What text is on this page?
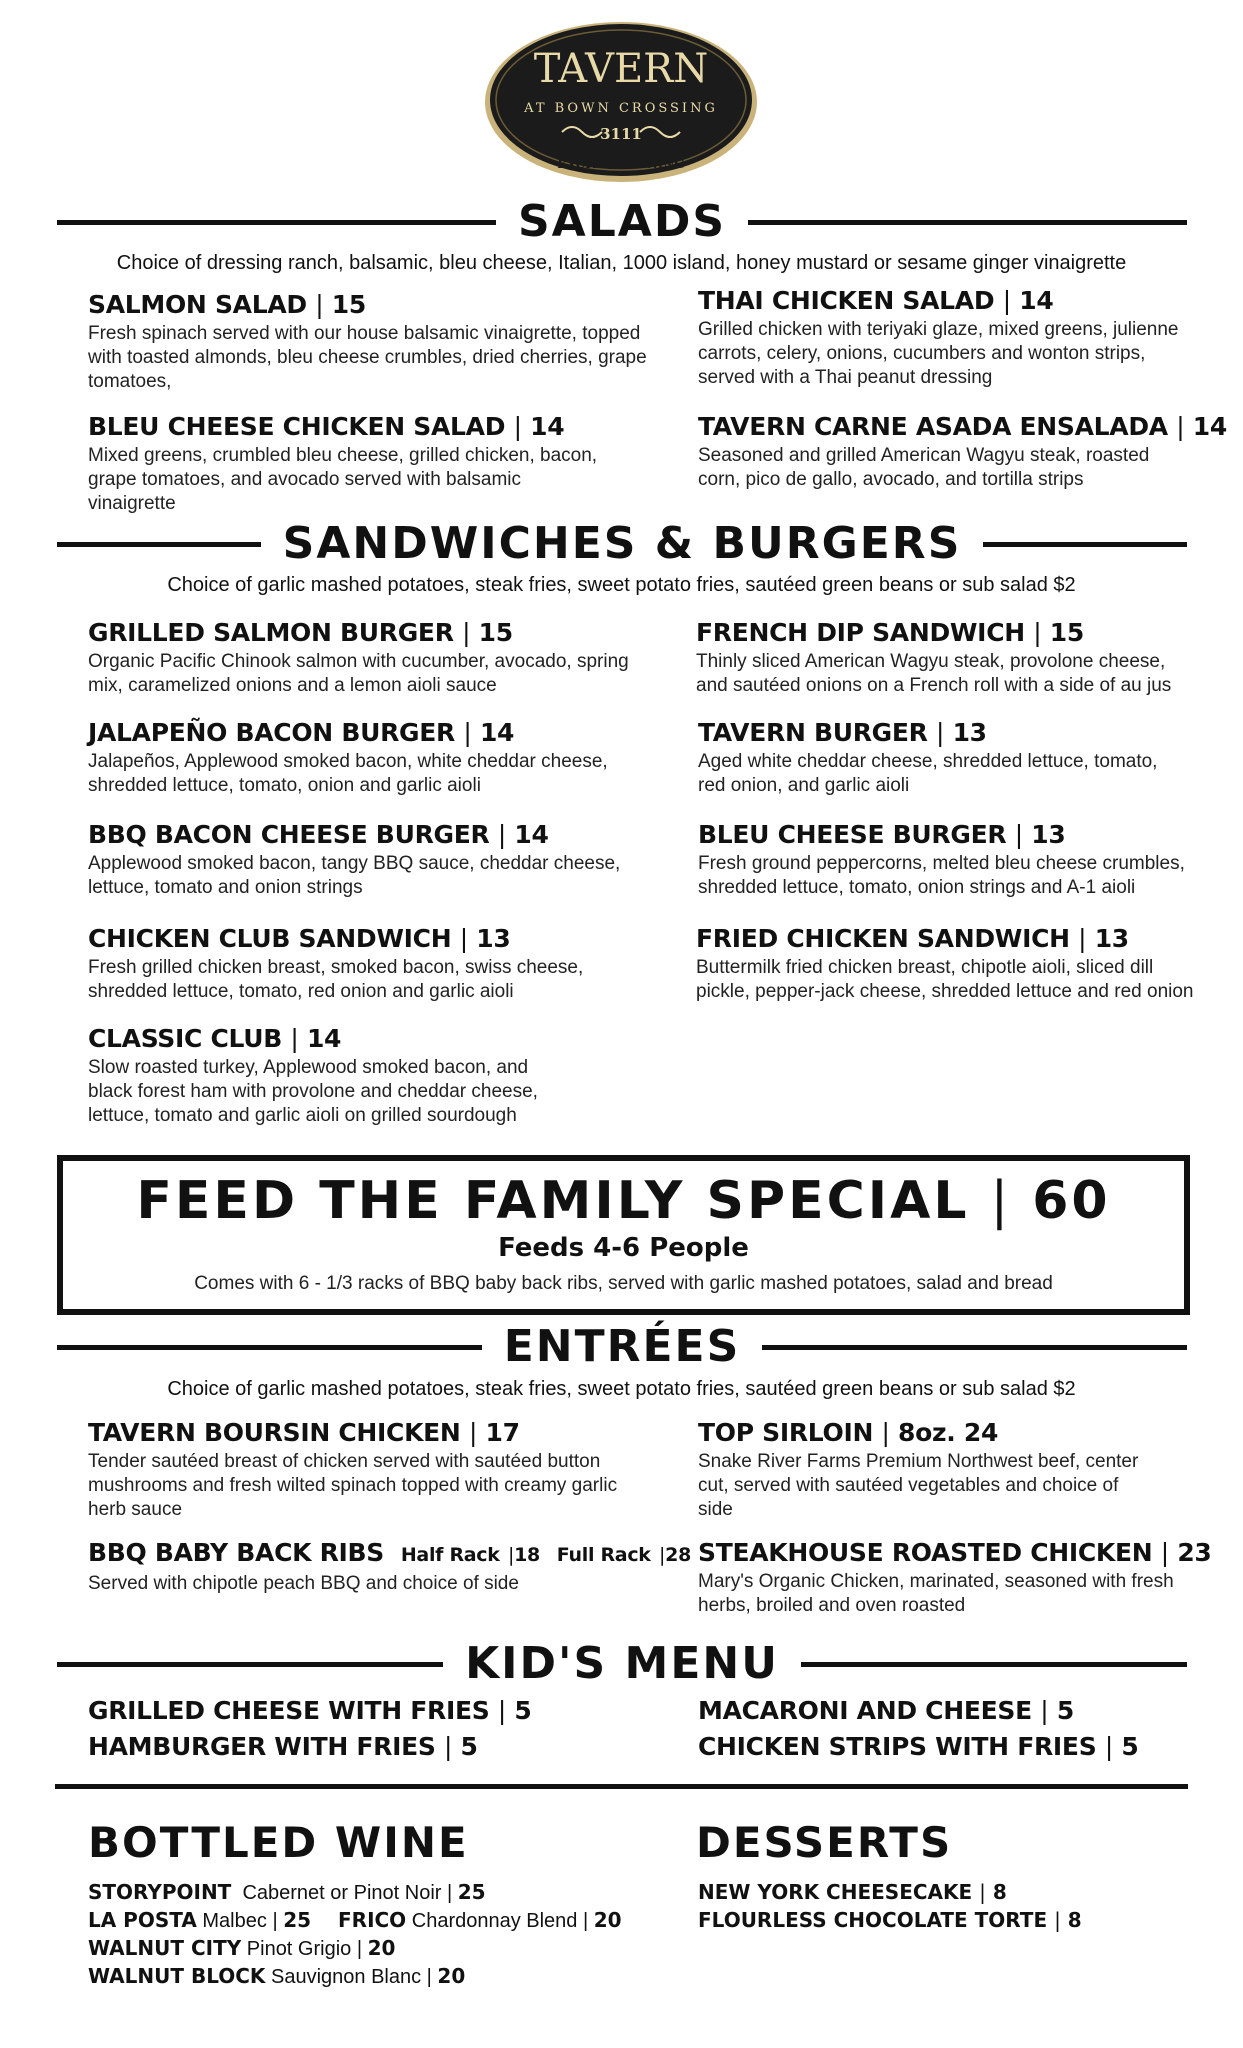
TAVERN
AT BOWN CROSSING
3111
EXCITING DINING
SALADS
Choice of dressing ranch, balsamic, bleu cheese, Italian, 1000 island, honey mustard or sesame ginger vinaigrette
SALMON SALAD | 15
Fresh spinach served with our house balsamic vinaigrette, topped with toasted almonds, bleu cheese crumbles, dried cherries, grape tomatoes,
THAI CHICKEN SALAD | 14
Grilled chicken with teriyaki glaze, mixed greens, julienne carrots, celery, onions, cucumbers and wonton strips, served with a Thai peanut dressing
BLEU CHEESE CHICKEN SALAD | 14
Mixed greens, crumbled bleu cheese, grilled chicken, bacon, grape tomatoes, and avocado served with balsamic vinaigrette
TAVERN CARNE ASADA ENSALADA | 14
Seasoned and grilled American Wagyu steak, roasted corn, pico de gallo, avocado, and tortilla strips
SANDWICHES & BURGERS
Choice of garlic mashed potatoes, steak fries, sweet potato fries, sautéed green beans or sub salad $2
GRILLED SALMON BURGER | 15
Organic Pacific Chinook salmon with cucumber, avocado, spring mix, caramelized onions and a lemon aioli sauce
FRENCH DIP SANDWICH | 15
Thinly sliced American Wagyu steak, provolone cheese, and sautéed onions on a French roll with a side of au jus
JALAPEÑO BACON BURGER | 14
Jalapeños, Applewood smoked bacon, white cheddar cheese, shredded lettuce, tomato, onion and garlic aioli
TAVERN BURGER | 13
Aged white cheddar cheese, shredded lettuce, tomato, red onion, and garlic aioli
BBQ BACON CHEESE BURGER | 14
Applewood smoked bacon, tangy BBQ sauce, cheddar cheese, lettuce, tomato and onion strings
BLEU CHEESE BURGER | 13
Fresh ground peppercorns, melted bleu cheese crumbles, shredded lettuce, tomato, onion strings and A-1 aioli
CHICKEN CLUB SANDWICH | 13
Fresh grilled chicken breast, smoked bacon, swiss cheese, shredded lettuce, tomato, red onion and garlic aioli
FRIED CHICKEN SANDWICH | 13
Buttermilk fried chicken breast, chipotle aioli, sliced dill pickle, pepper-jack cheese, shredded lettuce and red onion
CLASSIC CLUB | 14
Slow roasted turkey, Applewood smoked bacon, and black forest ham with provolone and cheddar cheese, lettuce, tomato and garlic aioli on grilled sourdough
FEED THE FAMILY SPECIAL | 60
Feeds 4-6 People
Comes with 6 - 1/3 racks of BBQ baby back ribs, served with garlic mashed potatoes, salad and bread
ENTRÉES
Choice of garlic mashed potatoes, steak fries, sweet potato fries, sautéed green beans or sub salad $2
TAVERN BOURSIN CHICKEN | 17
Tender sautéed breast of chicken served with sautéed button mushrooms and fresh wilted spinach topped with creamy garlic herb sauce
TOP SIRLOIN | 8oz. 24
Snake River Farms Premium Northwest beef, center cut, served with sautéed vegetables and choice of side
BBQ BABY BACK RIBS Half Rack |18 Full Rack |28
Served with chipotle peach BBQ and choice of side
STEAKHOUSE ROASTED CHICKEN | 23
Mary's Organic Chicken, marinated, seasoned with fresh herbs, broiled and oven roasted
KID'S MENU
GRILLED CHEESE WITH FRIES | 5	MACARONI AND CHEESE | 5
HAMBURGER WITH FRIES | 5	CHICKEN STRIPS WITH FRIES | 5
BOTTLED WINE
STORYPOINT Cabernet or Pinot Noir | 25
LA POSTA Malbec | 25 FRICO Chardonnay Blend | 20
WALNUT CITY Pinot Grigio | 20
WALNUT BLOCK Sauvignon Blanc | 20
DESSERTS
NEW YORK CHEESECAKE | 8
FLOURLESS CHOCOLATE TORTE | 8
